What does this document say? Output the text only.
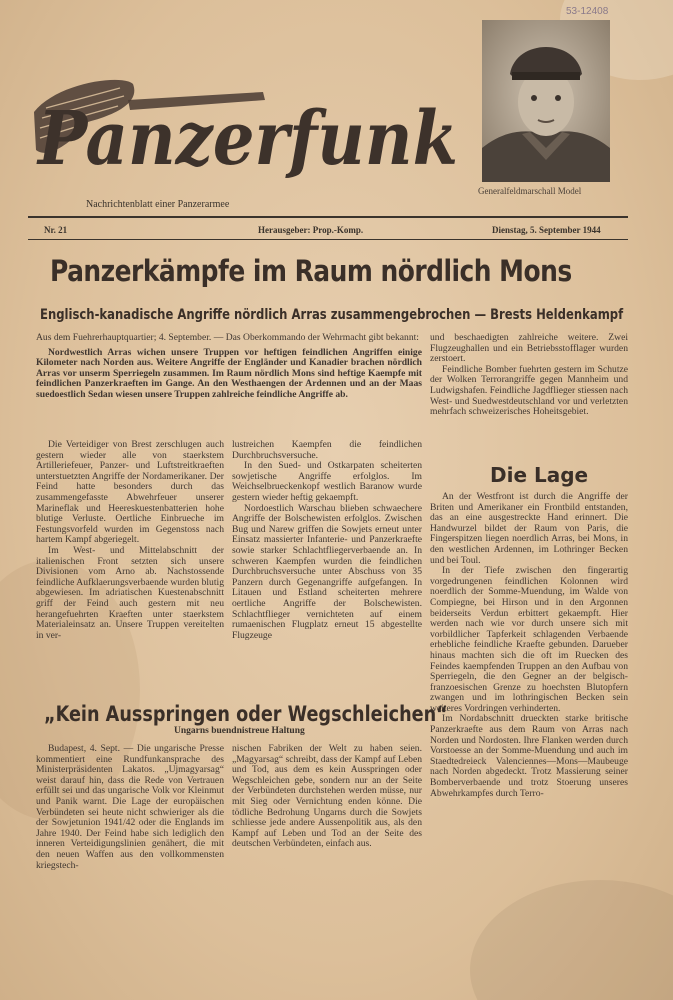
53-12408
Panzerfunk
Generalfeldmarschall Model
Nachrichtenblatt einer Panzerarmee
Nr. 21	Herausgeber: Prop.-Komp.	Dienstag, 5. September 1944
Panzerkämpfe im Raum nördlich Mons
Englisch-kanadische Angriffe nördlich Arras zusammengebrochen — Brests Heldenkampf

Aus dem Fuehrerhauptquartier; 4. September. — Das Oberkommando der Wehrmacht gibt bekannt:

Nordwestlich Arras wichen unsere Truppen vor heftigen feindlichen Angriffen einige Kilometer nach Norden aus. Weitere Angriffe der Engländer und Kanadier brachen nördlich Arras vor unserm Sperriegeln zusammen. Im Raum nördlich Mons sind heftige Kaempfe mit feindlichen Panzerkraeften im Gange. An den Westhaengen der Ardennen und an der Maas suedoestlich Sedan wiesen unsere Truppen zahlreiche feindliche Angriffe ab.

Die Verteidiger von Brest zerschlugen auch gestern wieder alle von staerkstem Artilleriefeuer, Panzer- und Luftstreitkraeften unterstuetzten Angriffe der Nordamerikaner. Der Feind hatte besonders durch das zusammengefasste Abwehrfeuer unserer Marineflak und Heereskuestenbatterien hohe blutige Verluste. Oertliche Einbrueche im Festungsvorfeld wurden im Gegenstoss nach hartem Kampf abgeriegelt.

Im West- und Mittelabschnitt der italienischen Front setzten sich unsere Divisionen vom Arno ab. Nachstossende feindliche Aufklaerungsverbaende wurden blutig abgewiesen. Im adriatischen Kuestenabschnitt griff der Feind auch gestern mit neu herangefuehrten Kraeften unter staerkstem Materialeinsatz an. Unsere Truppen vereitelten in ver-

lustreichen Kaempfen die feindlichen Durchbruchsversuche.

In den Sued- und Ostkarpaten scheiterten sowjetische Angriffe erfolglos. Im Weichselbrueckenkopf westlich Baranow wurde gestern wieder heftig gekaempft.

Nordoestlich Warschau blieben schwaechere Angriffe der Bolschewisten erfolglos. Zwischen Bug und Narew griffen die Sowjets erneut unter Einsatz massierter Infanterie- und Panzerkraefte sowie starker Schlachtfliegerverbaende an. In schweren Kaempfen wurden die feindlichen Durchbruchsversuche unter Abschuss von 35 Panzern durch Gegenangriffe aufgefangen. In Litauen und Estland scheiterten mehrere oertliche Angriffe der Bolschewisten. Schlachtflieger vernichteten auf einem rumaenischen Flugplatz erneut 15 abgestellte Flugzeuge

und beschaedigten zahlreiche weitere. Zwei Flugzeughallen und ein Betriebsstofflager wurden zerstoert.

Feindliche Bomber fuehrten gestern im Schutze der Wolken Terrorangriffe gegen Mannheim und Ludwigshafen. Feindliche Jagdflieger stiessen nach West- und Suedwestdeutschland vor und verletzten mehrfach schweizerisches Hoheitsgebiet.

Die Lage

An der Westfront ist durch die Angriffe der Briten und Amerikaner ein Frontbild entstanden, das an eine ausgestreckte Hand erinnert. Die Handwurzel bildet der Raum von Paris, die Fingerspitzen liegen noerdlich Arras, bei Mons, in den westlichen Ardennen, im Lothringer Becken und bei Toul.

In der Tiefe zwischen den fingerartig vorgedrungenen feindlichen Kolonnen wird noerdlich der Somme-Muendung, im Walde von Compiegne, bei Hirson und in den Argonnen beiderseits Verdun erbittert gekaempft. Hier werden nach wie vor durch unsere sich mit vorbildlicher Tapferkeit schlagenden Verbaende erhebliche feindliche Kraefte gebunden. Darueber hinaus machten sich die oft im Ruecken des Feindes kaempfenden Truppen an den Aufbau von Sperriegeln, die den Gegner an der belgisch-franzoesischen Grenze zu hoechsten Blutopfern zwangen und im lothringischen Becken sein weiteres Vordringen verhinderten.

Im Nordabschnitt drueckten starke britische Panzerkraefte aus dem Raum von Arras nach Norden und Nordosten. Ihre Flanken werden durch Vorstoesse an der Somme-Muendung und auch im Staedtedreieck Valenciennes—Mons—Maubeuge nach Norden abgedeckt. Trotz Massierung seiner Bomberverbaende und trotz Stoerung unseres Abwehrkampfes durch Terro-

„Kein Ausspringen oder Wegschleichen“
Ungarns buendnistreue Haltung

Budapest, 4. Sept. — Die ungarische Presse kommentiert eine Rundfunkansprache des Ministerpräsidenten Lakatos. „Ujmagyarsag“ weist darauf hin, dass die Rede von Vertrauen erfüllt sei und das ungarische Volk vor Kleinmut und Panik warnt. Die Lage der europäischen Verbündeten sei heute nicht schwieriger als die der Sowjetunion 1941/42 oder die Englands im Jahre 1940. Der Feind habe sich lediglich den inneren Verteidigungslinien genähert, die mit den neuen Waffen aus den vollkommensten kriegstech-

nischen Fabriken der Welt zu haben seien. „Magyarsag“ schreibt, dass der Kampf auf Leben und Tod, aus dem es kein Ausspringen oder Wegschleichen gebe, sondern nur an der Seite der Verbündeten durchstehen werden müsse, nur mit Sieg oder Vernichtung enden könne. Die tödliche Bedrohung Ungarns durch die Sowjets schliesse jede andere Aussenpolitik aus, als den Kampf auf Leben und Tod an der Seite des deutschen Verbündeten, einfach aus.
